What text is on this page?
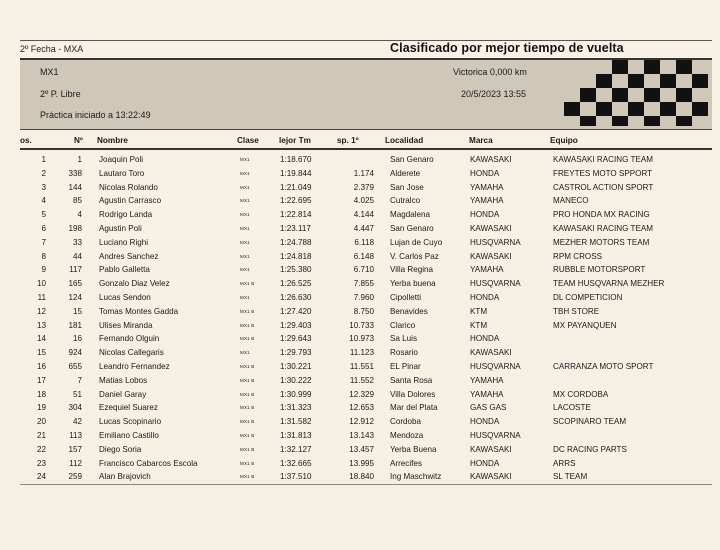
2º Fecha - MXA	Clasificado por mejor tiempo de vuelta
MX1
2º P. Libre
Práctica iniciado a 13:22:49
Victorica 0,000 km
20/5/2023 13:55
os.	Nº Nombre	Clase lejor Tm	sp. 1º	Localidad	Marca	Equipo
1	1 Joaquin Poli	MX1	1:18.670	San Genaro	KAWASAKI	KAWASAKI RACING TEAM
2	338 Lautaro Toro	MX1	1:19.844	1.174 Alderete	HONDA	FREYTES MOTO SPPORT
3	144 Nicolas Rolando	MX1	1:21.049	2.379 San Jose	YAMAHA	CASTROL ACTION SPORT
4	85 Agustin Carrasco	MX1	1:22.695	4.025 Cutralco	YAMAHA	MANECO
5	4 Rodrigo Landa	MX1	1:22.814	4.144 Magdalena	HONDA	PRO HONDA MX RACING
6	198 Agustin Poli	MX1	1:23.117	4.447 San Genaro	KAWASAKI	KAWASAKI RACING TEAM
7	33 Luciano Righi	MX1	1:24.788	6.118 Lujan de Cuyo	HUSQVARNA	MEZHER MOTORS TEAM
8	44 Andres Sanchez	MX1	1:24.818	6.148 V. Carlos Paz	KAWASAKI	RPM CROSS
9	117 Pablo Galletta	MX1	1:25.380	6.710 Villa Regina	YAMAHA	RUBBLE MOTORSPORT
10	165 Gonzalo Diaz Velez	MX1 B	1:26.525	7.855 Yerba buena	HUSQVARNA	TEAM HUSQVARNA MEZHER
11	124 Lucas Sendon	MX1	1:26.630	7.960 Cipolletti	HONDA	DL COMPETICION
12	15 Tomas Montes Gadda	MX1 B	1:27.420	8.750 Benavides	KTM	TBH STORE
13	181 Ulises Miranda	MX1 B	1:29.403	10.733 Clarico	KTM	MX PAYANQUEN
14	16 Fernando Olguin	MX1 B	1:29.643	10.973 Sa Luis	HONDA
15	924 Nicolas Callegaris	MX1	1:29.793	11.123 Rosario	KAWASAKI
16	655 Leandro Fernandez	MX1 B	1:30.221	11.551 EL Pinar	HUSQVARNA	CARRANZA MOTO SPORT
17	7 Matias Lobos	MX1 B	1:30.222	11.552 Santa Rosa	YAMAHA
18	51 Daniel Garay	MX1 B	1:30.999	12.329 Villa Dolores	YAMAHA	MX CORDOBA
19	304 Ezequiel Suarez	MX1 B	1:31.323	12.653 Mar del Plata	GAS GAS	LACOSTE
20	42 Lucas Scopinario	MX1 B	1:31.582	12.912 Cordoba	HONDA	SCOPINARO TEAM
21	113 Emiliano Castillo	MX1 B	1:31.813	13.143 Mendoza	HUSQVARNA
22	157 Diego Soria	MX1 B	1:32.127	13.457 Yerba Buena	KAWASAKI	DC RACING PARTS
23	112 Francisco Cabarcos Escola	MX1 B	1:32.665	13.995 Arrecifes	HONDA	ARRS
24	259 Alan Brajovich	MX1 B	1:37.510	18.840 Ing Maschwitz	KAWASAKI	SL TEAM
